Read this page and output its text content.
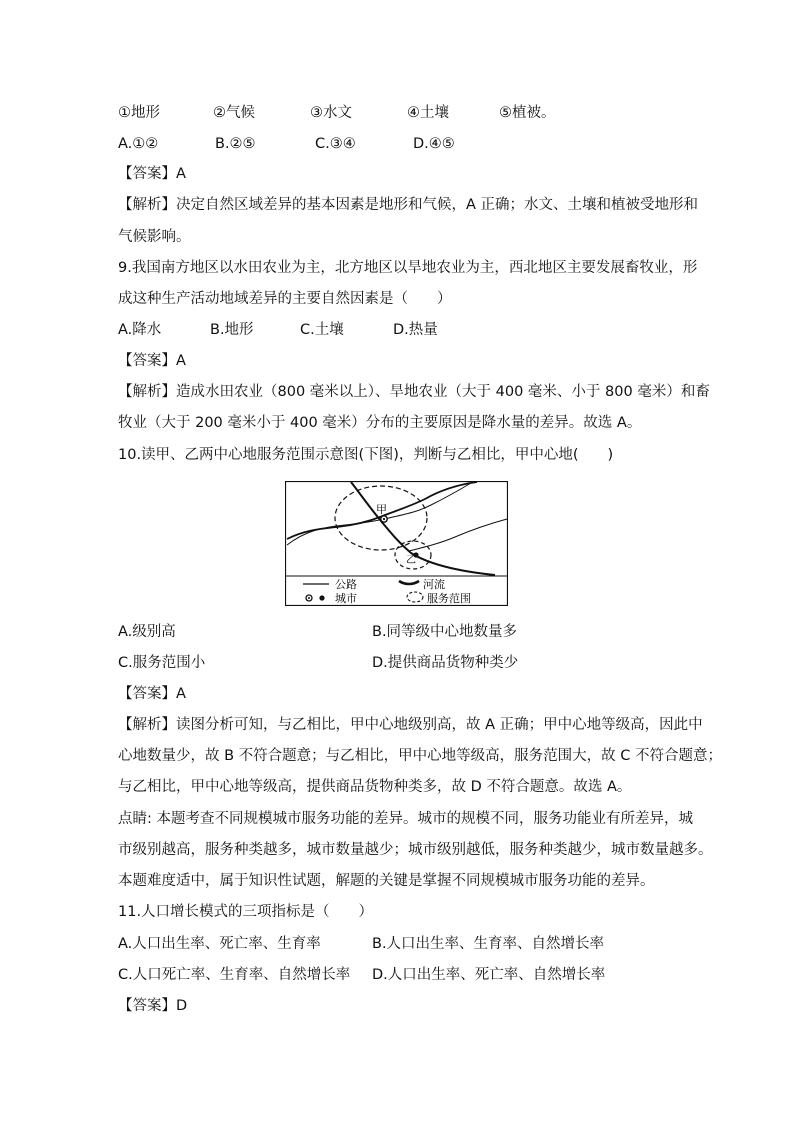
①地形	②气候	③水文	④土壤	⑤植被。
A.①②	B.②⑤	C.③④	D.④⑤
【答案】A
【解析】决定自然区域差异的基本因素是地形和气候，A 正确；水文、土壤和植被受地形和
气候影响。
9.我国南方地区以水田农业为主，北方地区以旱地农业为主，西北地区主要发展畜牧业，形
成这种生产活动地域差异的主要自然因素是（　　）
A.降水	B.地形	C.土壤	D.热量
【答案】A
【解析】造成水田农业（800 毫米以上）、旱地农业（大于 400 毫米、小于 800 毫米）和畜
牧业（大于 200 毫米小于 400 毫米）分布的主要原因是降水量的差异。故选 A。
10.读甲、乙两中心地服务范围示意图(下图)，判断与乙相比，甲中心地(　　)
甲
乙
公路	河流
城市	服务范围
A.级别高	B.同等级中心地数量多
C.服务范围小	D.提供商品货物种类少
【答案】A
【解析】读图分析可知，与乙相比，甲中心地级别高，故 A 正确；甲中心地等级高，因此中
心地数量少，故 B 不符合题意；与乙相比，甲中心地等级高，服务范围大，故 C 不符合题意；
与乙相比，甲中心地等级高，提供商品货物种类多，故 D 不符合题意。故选 A。
点睛: 本题考查不同规模城市服务功能的差异。城市的规模不同，服务功能业有所差异，城
市级别越高，服务种类越多，城市数量越少；城市级别越低，服务种类越少，城市数量越多。
本题难度适中，属于知识性试题，解题的关键是掌握不同规模城市服务功能的差异。
11.人口增长模式的三项指标是（　　）
A.人口出生率、死亡率、生育率	B.人口出生率、生育率、自然增长率
C.人口死亡率、生育率、自然增长率 D.人口出生率、死亡率、自然增长率
【答案】D
